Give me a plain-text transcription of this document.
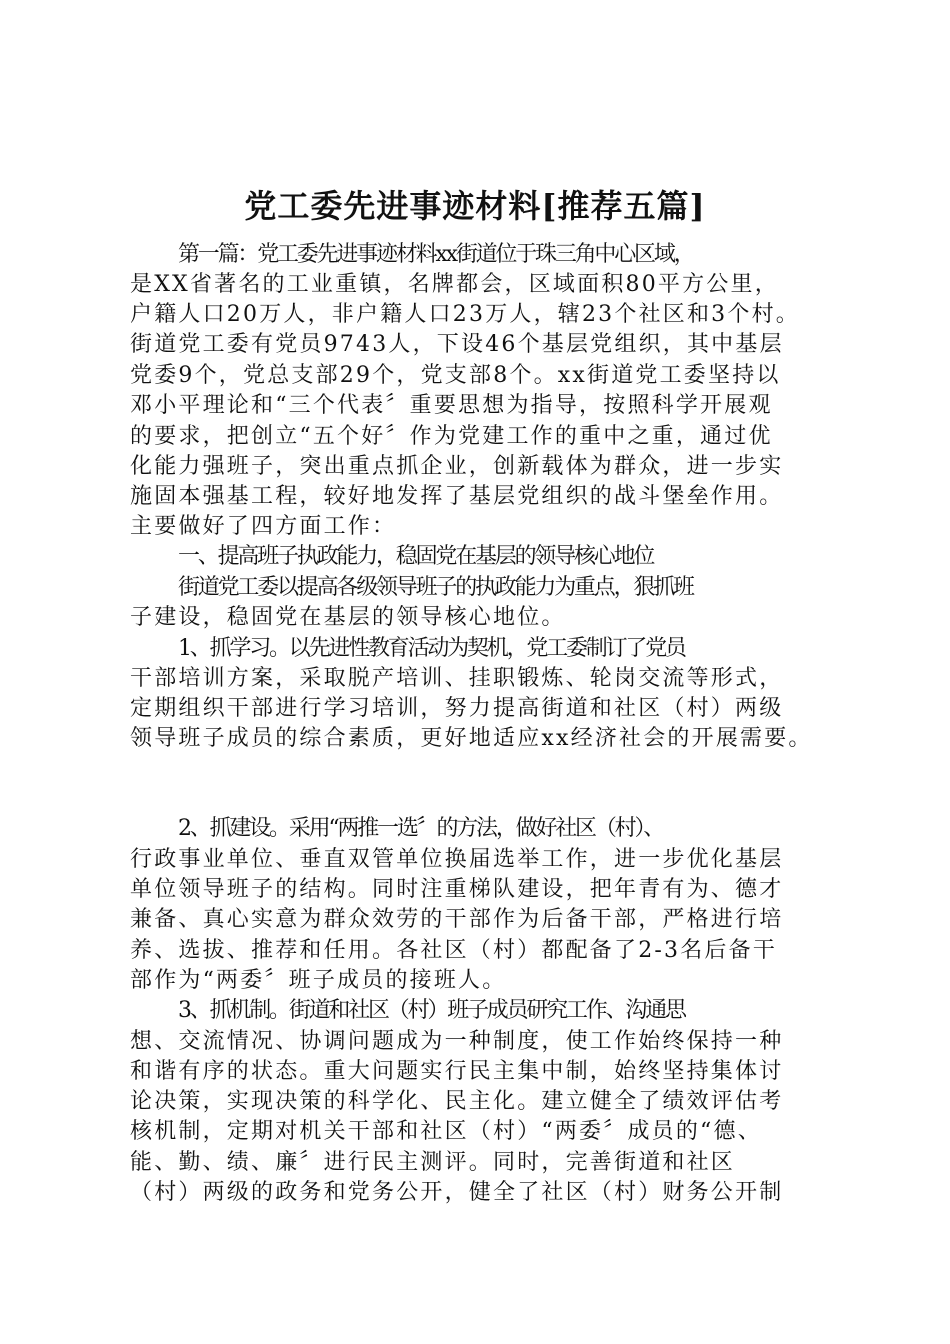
党工委先进事迹材料[推荐五篇]

第一篇：党工委先进事迹材料xx街道位于珠三角中心区域，

是XX省著名的工业重镇，名牌都会，区域面积80平方公里，

户籍人口20万人，非户籍人口23万人，辖23个社区和3个村。

街道党工委有党员9743人，下设46个基层党组织，其中基层

党委9个，党总支部29个，党支部8个。xx街道党工委坚持以

邓小平理论和“三个代表〞重要思想为指导，按照科学开展观

的要求，把创立“五个好〞作为党建工作的重中之重，通过优

化能力强班子，突出重点抓企业，创新载体为群众，进一步实

施固本强基工程，较好地发挥了基层党组织的战斗堡垒作用。

主要做好了四方面工作：

一、提高班子执政能力，稳固党在基层的领导核心地位

街道党工委以提高各级领导班子的执政能力为重点，狠抓班

子建设，稳固党在基层的领导核心地位。

1、抓学习。以先进性教育活动为契机，党工委制订了党员

干部培训方案，采取脱产培训、挂职锻炼、轮岗交流等形式，

定期组织干部进行学习培训，努力提高街道和社区（村）两级

领导班子成员的综合素质，更好地适应xx经济社会的开展需要。

2、抓建设。采用“两推一选〞的方法，做好社区（村）、

行政事业单位、垂直双管单位换届选举工作，进一步优化基层

单位领导班子的结构。同时注重梯队建设，把年青有为、德才

兼备、真心实意为群众效劳的干部作为后备干部，严格进行培

养、选拔、推荐和任用。各社区（村）都配备了2-3名后备干

部作为“两委〞班子成员的接班人。

3、抓机制。街道和社区（村）班子成员研究工作、沟通思

想、交流情况、协调问题成为一种制度，使工作始终保持一种

和谐有序的状态。重大问题实行民主集中制，始终坚持集体讨

论决策，实现决策的科学化、民主化。建立健全了绩效评估考

核机制，定期对机关干部和社区（村）“两委〞成员的“德、

能、勤、绩、廉〞进行民主测评。同时，完善街道和社区

（村）两级的政务和党务公开，健全了社区（村）财务公开制
